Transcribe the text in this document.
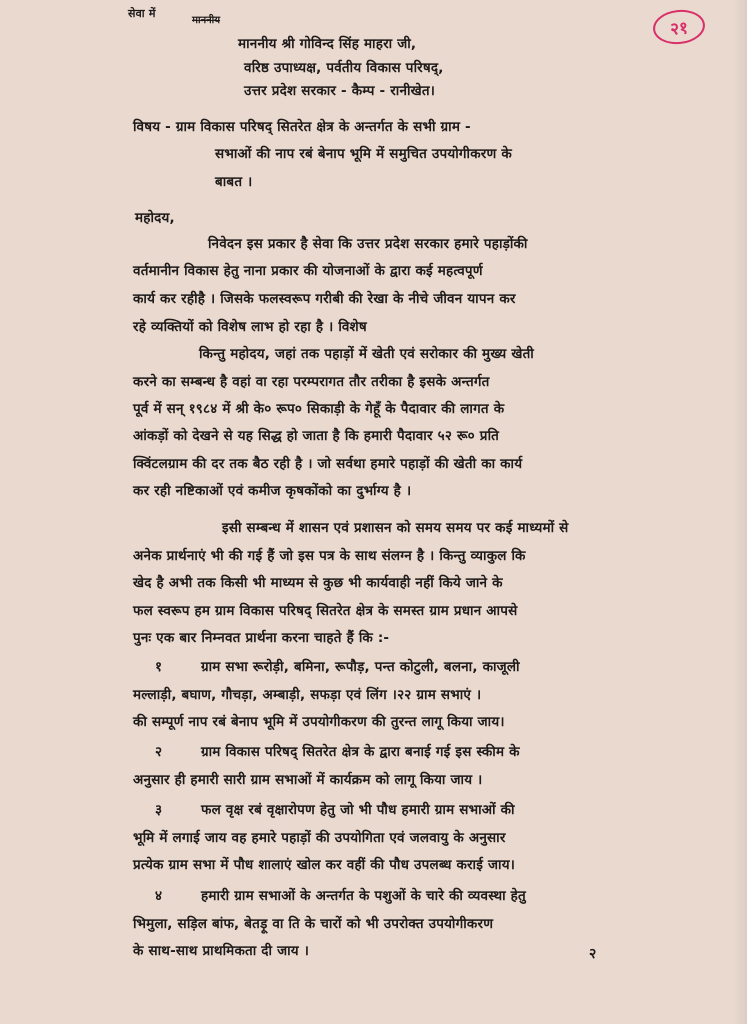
२१
सेवा में
माननीय
माननीय श्री गोविन्द सिंह माहरा जी,
वरिष्ठ उपाध्यक्ष, पर्वतीय विकास परिषद्,
उत्तर प्रदेश सरकार - कैम्प - रानीखेत।
विषय - ग्राम विकास परिषद् सितरेत क्षेत्र के अन्तर्गत के सभी ग्राम -
सभाओं की नाप रबं बेनाप भूमि में समुचित उपयोगीकरण के
बाबत ।
महोदय,
निवेदन इस प्रकार है सेवा कि उत्तर प्रदेश सरकार हमारे पहाड़ोंकी
वर्तमानीन विकास हेतु नाना प्रकार की योजनाओं के द्वारा कई महत्वपूर्ण
कार्य कर रहीहै । जिसके फलस्वरूप गरीबी की रेखा के नीचे जीवन यापन कर
रहे व्यक्तियों को विशेष लाभ हो रहा है । विशेष
किन्तु महोदय, जहां तक पहाड़ों में खेती एवं सरोकार की मुख्य खेती
करने का सम्बन्ध है वहां वा रहा परम्परागत तौर तरीका है इसके अन्तर्गत
पूर्व में सन् १९८४ में श्री के० रूप० सिकाड़ी के गेहूँ के पैदावार की लागत के
आंकड़ों को देखने से यह सिद्ध हो जाता है कि हमारी पैदावार ५२ रू० प्रति
क्विंटलग्राम की दर तक बैठ रही है । जो सर्वथा हमारे पहाड़ों की खेती का कार्य
कर रही नष्टिकाओं एवं कमीज कृषकोंको का दुर्भाग्य है ।
इसी सम्बन्ध में शासन एवं प्रशासन को समय समय पर कई माध्यमों से
अनेक प्रार्थनाएं भी की गई हैं जो इस पत्र के साथ संलग्न है । किन्तु व्याकुल कि
खेद है अभी तक किसी भी माध्यम से कुछ भी कार्यवाही नहीं किये जाने के
फल स्वरूप हम ग्राम विकास परिषद् सितरेत क्षेत्र के समस्त ग्राम प्रधान आपसे
पुनः एक बार निम्नवत प्रार्थना करना चाहते हैं कि :-
१	ग्राम सभा रूरोड़ी, बमिना, रूपौड़, पन्त कोटुली, बलना, काजूली
मल्लाड़ी, बघाण, गौचड़ा, अम्बाड़ी, सफड़ा एवं लिंग ।२२ ग्राम सभाएं ।
की सम्पूर्ण नाप रबं बेनाप भूमि में उपयोगीकरण की तुरन्त लागू किया जाय।
२	ग्राम विकास परिषद् सितरेत क्षेत्र के द्वारा बनाई गई इस स्कीम के
अनुसार ही हमारी सारी ग्राम सभाओं में कार्यक्रम को लागू किया जाय ।
३	फल वृक्ष रबं वृक्षारोपण हेतु जो भी पौध हमारी ग्राम सभाओं की
भूमि में लगाई जाय वह हमारे पहाड़ों की उपयोगिता एवं जलवायु के अनुसार
प्रत्येक ग्राम सभा में पौध शालाएं खोल कर वहीं की पौध उपलब्ध कराई जाय।
४	हमारी ग्राम सभाओं के अन्तर्गत के पशुओं के चारे की व्यवस्था हेतु
भिमुला, सड़िल बांफ, बेतड़ू वा ति के चारों को भी उपरोक्त उपयोगीकरण
के साथ-साथ प्राथमिकता दी जाय ।	२
